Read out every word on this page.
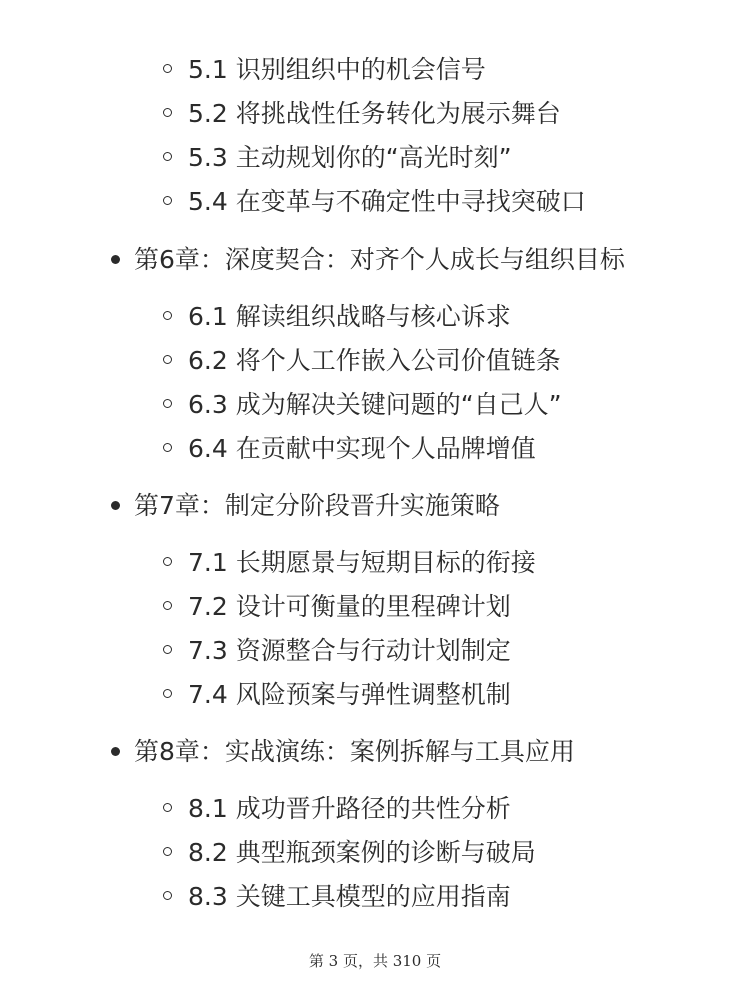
5.1 识别组织中的机会信号
5.2 将挑战性任务转化为展示舞台
5.3 主动规划你的“高光时刻”
5.4 在变革与不确定性中寻找突破口
第6章：深度契合：对齐个人成长与组织目标
6.1 解读组织战略与核心诉求
6.2 将个人工作嵌入公司价值链条
6.3 成为解决关键问题的“自己人”
6.4 在贡献中实现个人品牌增值
第7章：制定分阶段晋升实施策略
7.1 长期愿景与短期目标的衔接
7.2 设计可衡量的里程碑计划
7.3 资源整合与行动计划制定
7.4 风险预案与弹性调整机制
第8章：实战演练：案例拆解与工具应用
8.1 成功晋升路径的共性分析
8.2 典型瓶颈案例的诊断与破局
8.3 关键工具模型的应用指南
第 3 页，共 310 页
